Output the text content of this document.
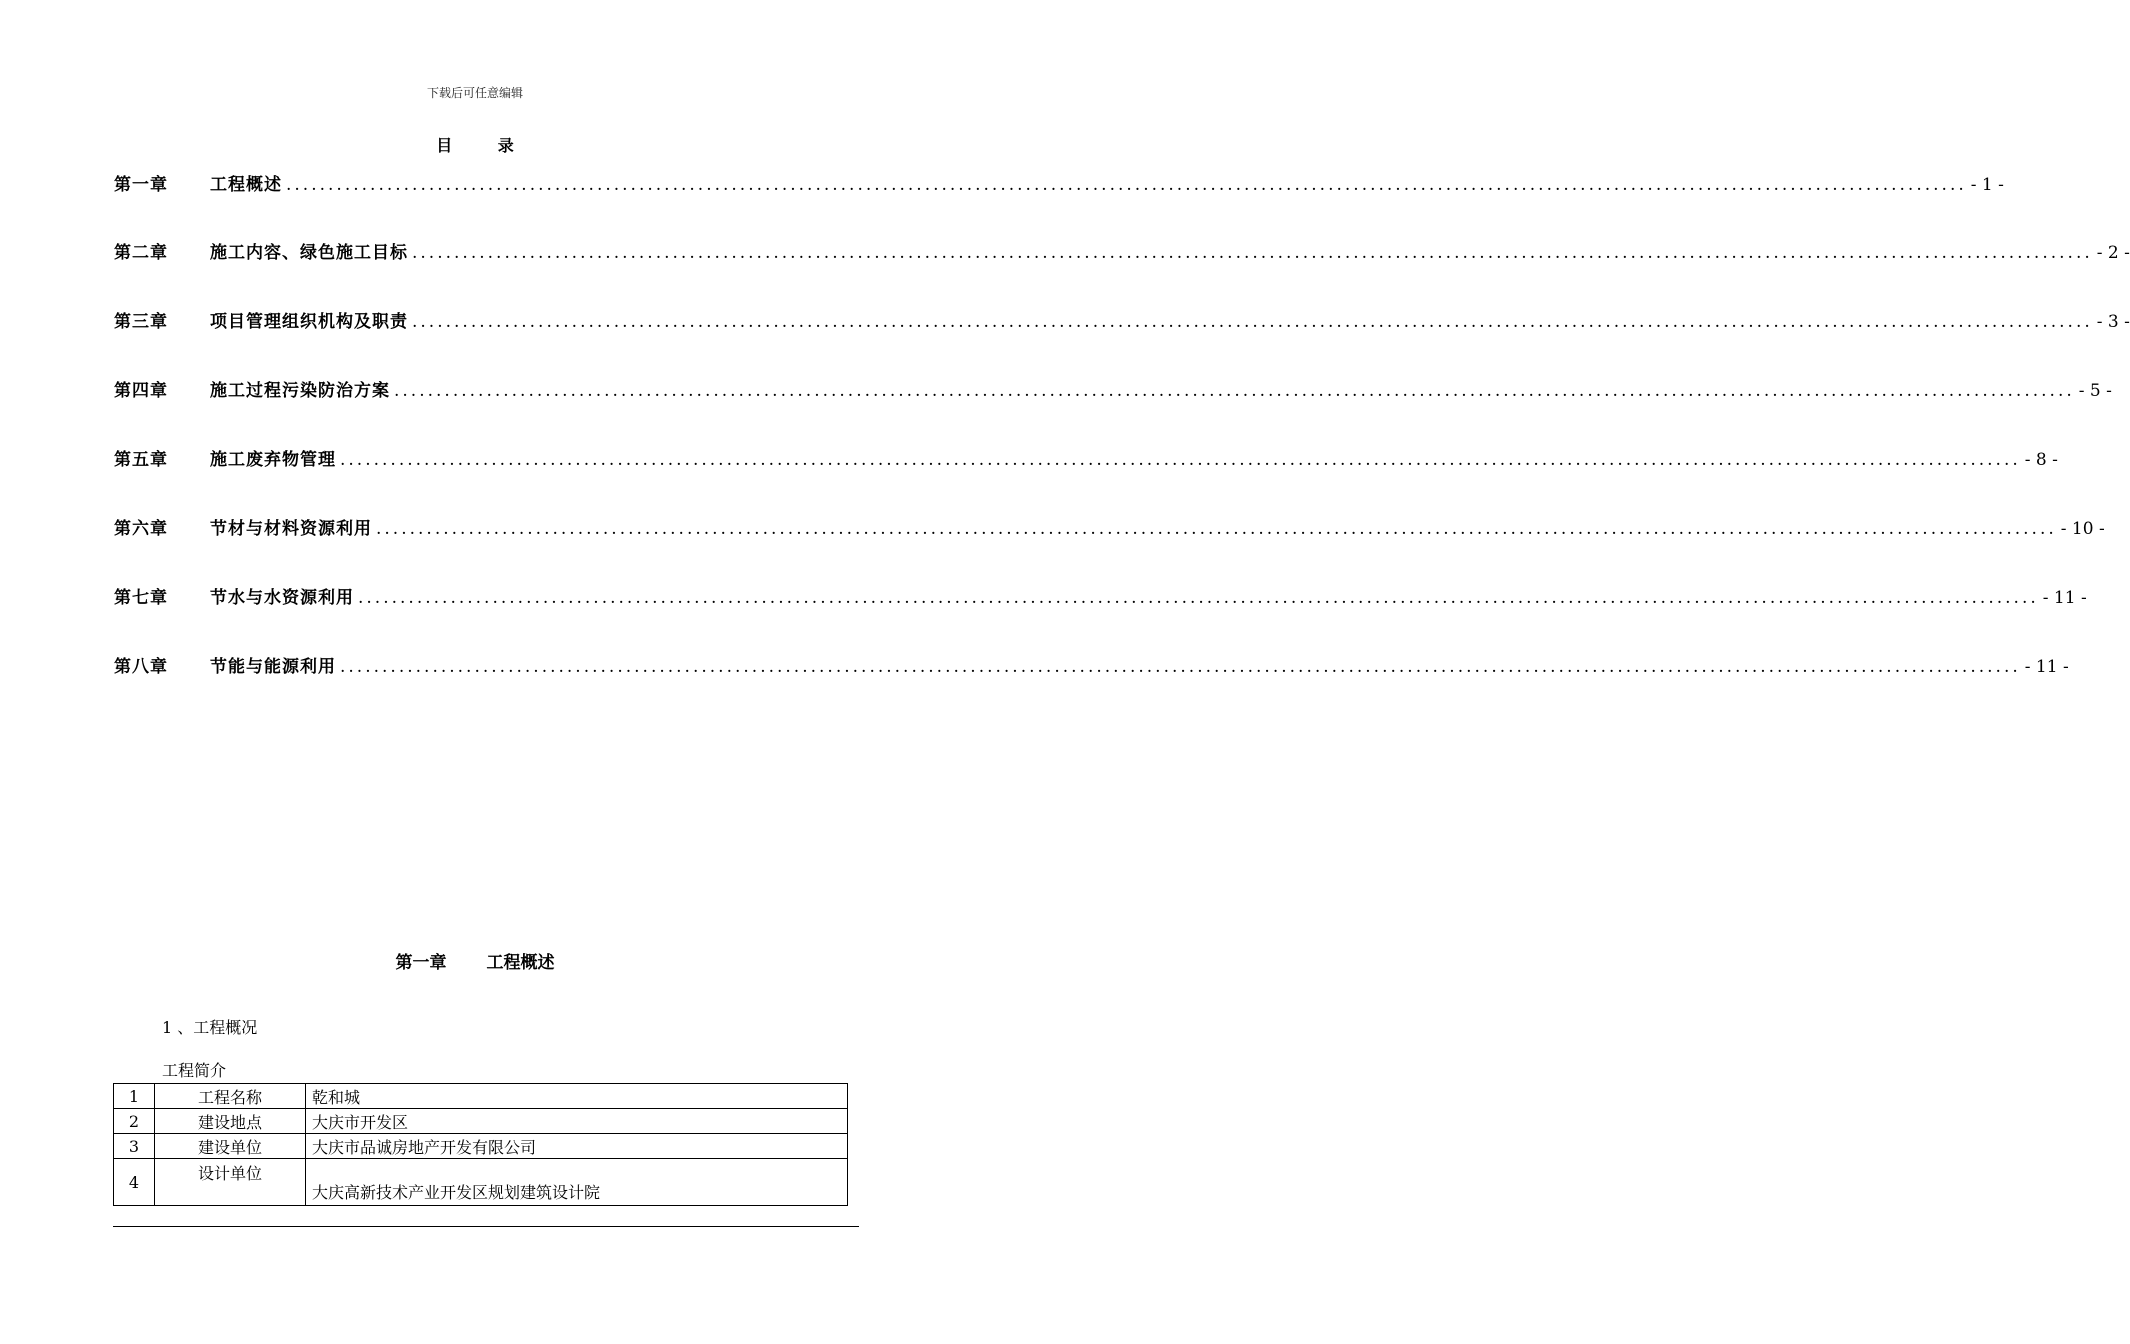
下载后可任意编辑
目 录
第一章	工程概述 ........................................................................................................................................................................................................ - 1 -
第二章	施工内容、绿色施工目标 ........................................................................................................................................................................................................ - 2 -
第三章	项目管理组织机构及职责 ........................................................................................................................................................................................................ - 3 -
第四章	施工过程污染防治方案 ........................................................................................................................................................................................................ - 5 -
第五章	施工废弃物管理 ........................................................................................................................................................................................................ - 8 -
第六章	节材与材料资源利用 ........................................................................................................................................................................................................ - 10 -
第七章	节水与水资源利用 ........................................................................................................................................................................................................ - 11 -
第八章	节能与能源利用 ........................................................................................................................................................................................................ - 11 -
第一章 工程概述
1 、工程概况
工程简介
1	工程名称	乾和城
2	建设地点	大庆市开发区
3	建设单位	大庆市品诚房地产开发有限公司
4	设计单位	大庆高新技术产业开发区规划建筑设计院
